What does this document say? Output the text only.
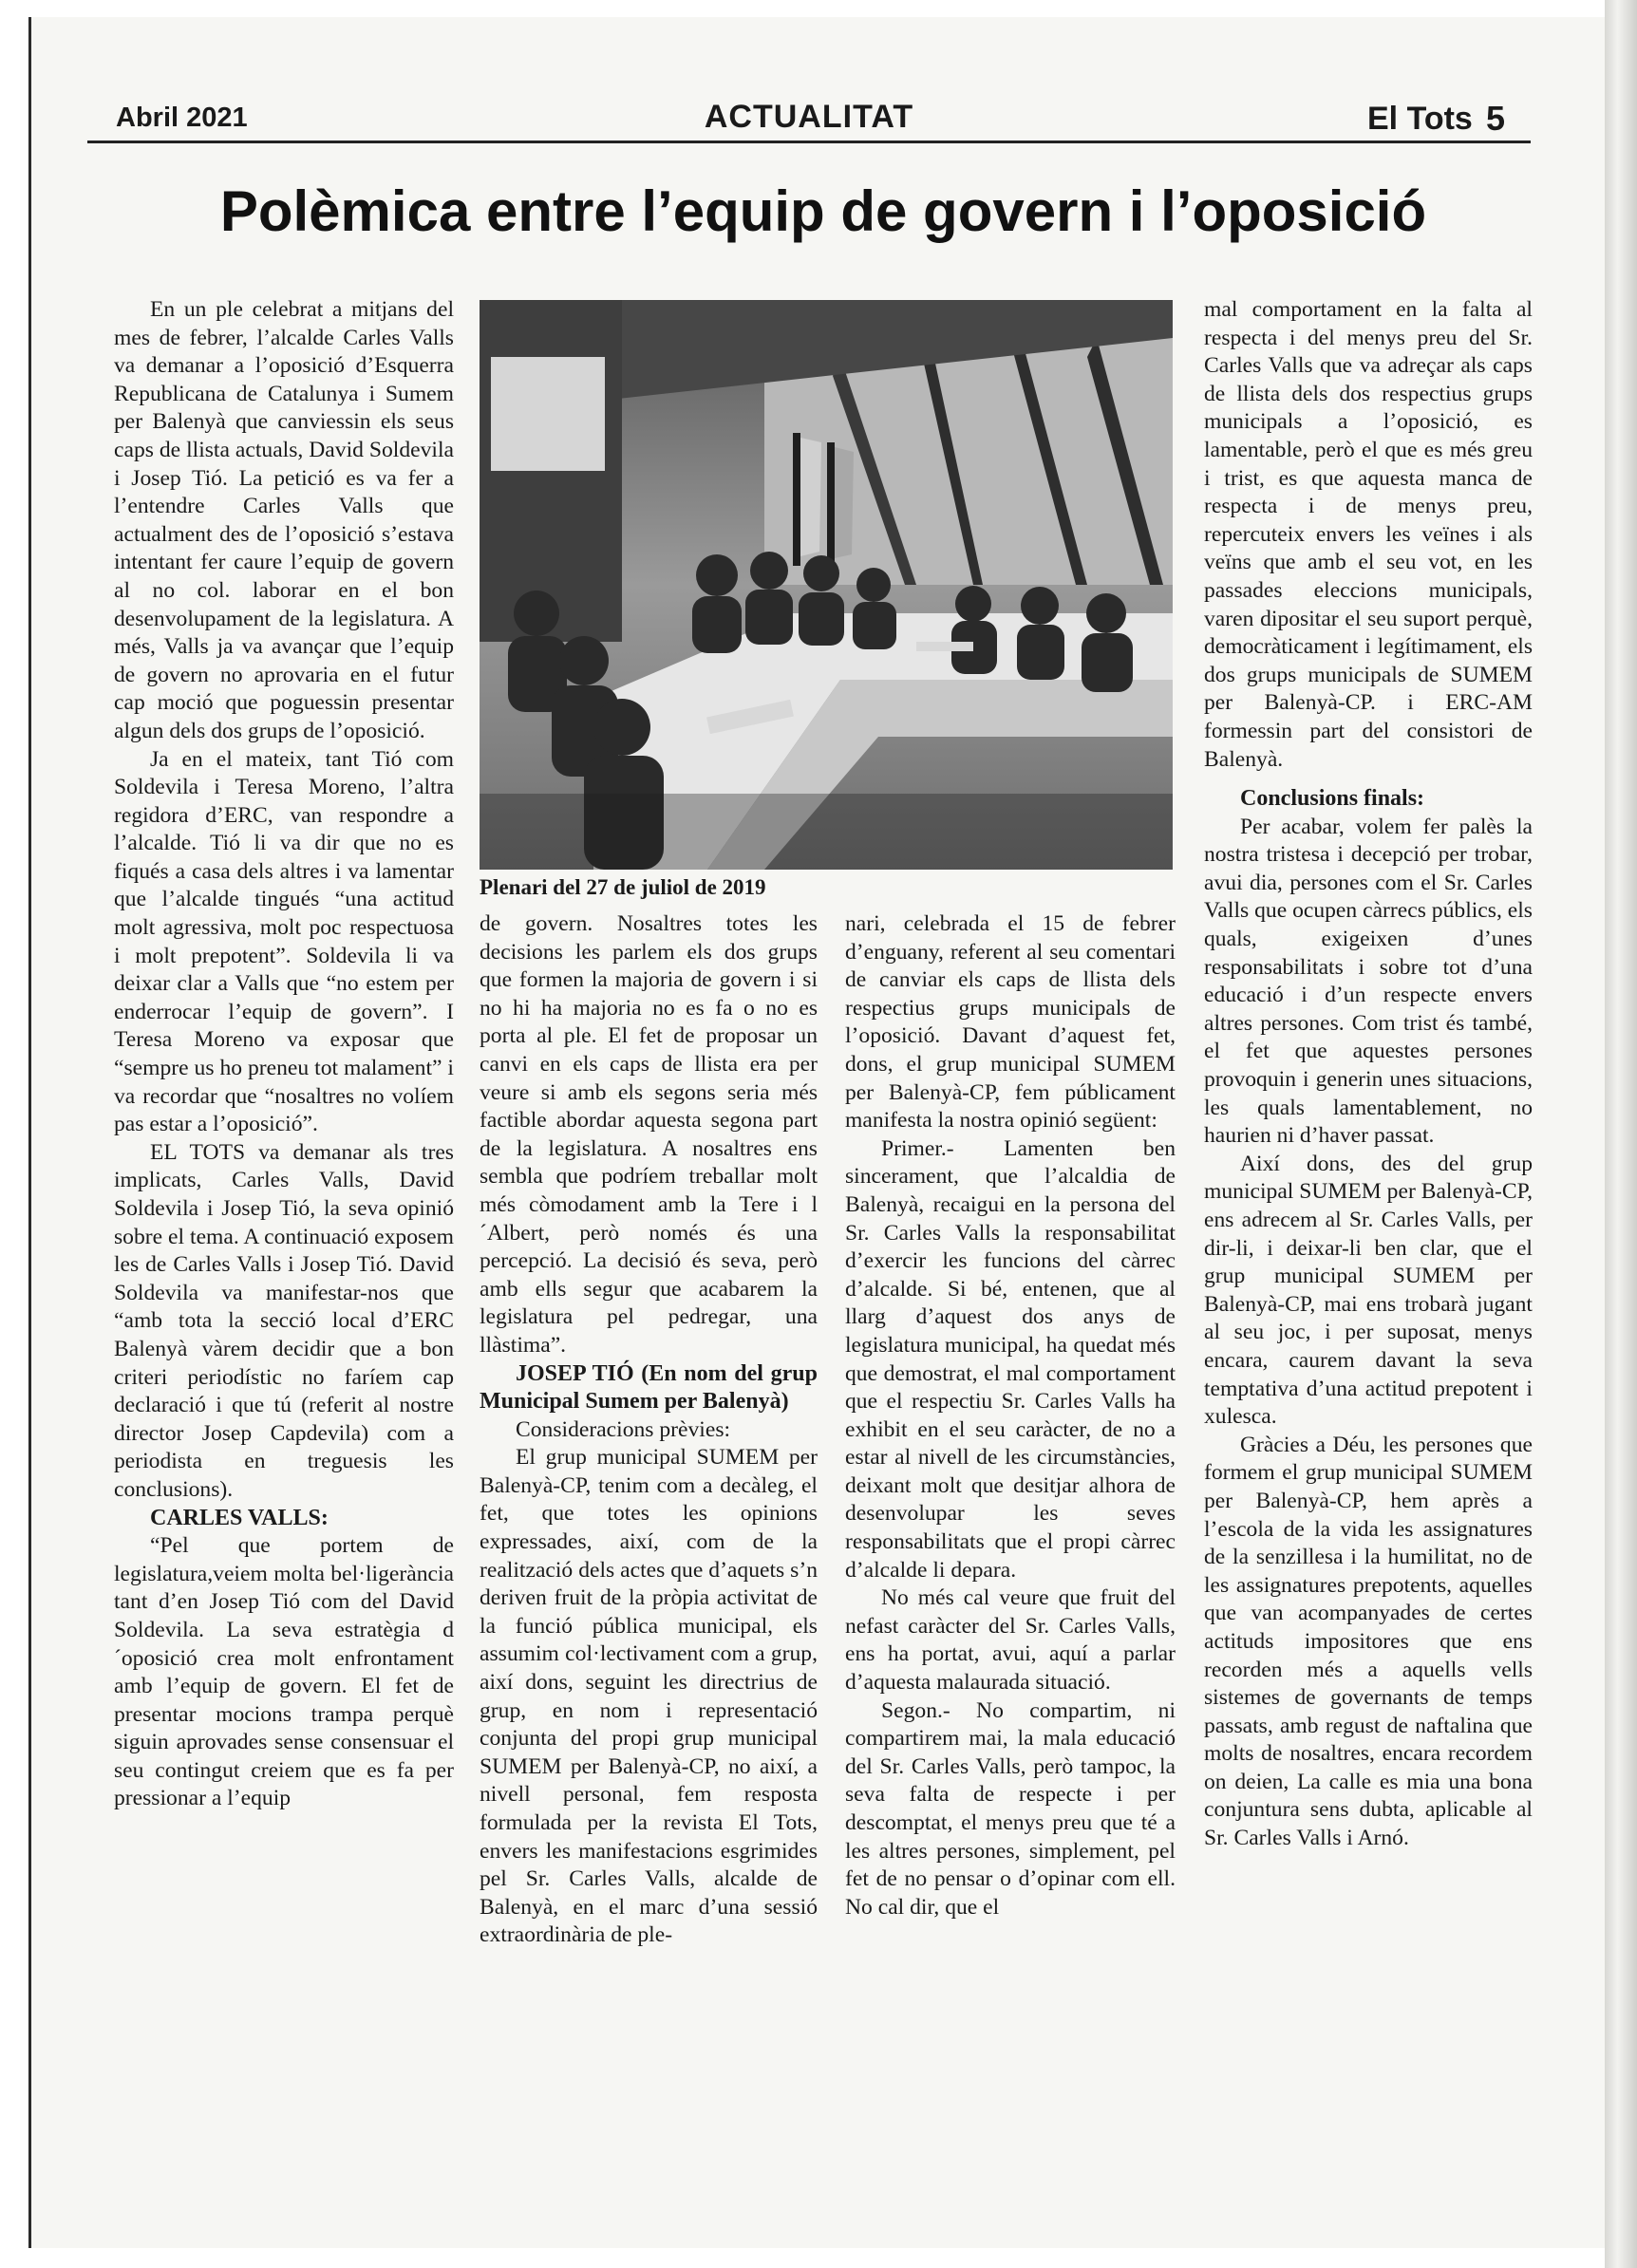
Abril 2021	ACTUALITAT	El Tots 5
Polèmica entre l’equip de govern i l’oposició

En un ple celebrat a mitjans del mes de febrer, l’alcalde Carles Valls va demanar a l’oposició d’Esquerra Republicana de Catalunya i Sumem per Balenyà que canviessin els seus caps de llista actuals, David Soldevila i Josep Tió. La petició es va fer a l’entendre Carles Valls que actualment des de l’oposició s’estava intentant fer caure l’equip de govern al no col. laborar en el bon desenvolupament de la legislatura. A més, Valls ja va avançar que l’equip de govern no aprovaria en el futur cap moció que poguessin presentar algun dels dos grups de l’oposició.

Ja en el mateix, tant Tió com Soldevila i Teresa Moreno, l’altra regidora d’ERC, van respondre a l’alcalde. Tió li va dir que no es fiqués a casa dels altres i va lamentar que l’alcalde tingués “una actitud molt agressiva, molt poc respectuosa i molt prepotent”. Soldevila li va deixar clar a Valls que “no estem per enderrocar l’equip de govern”. I Teresa Moreno va exposar que “sempre us ho preneu tot malament” i va recordar que “nosaltres no volíem pas estar a l’oposició”.

EL TOTS va demanar als tres implicats, Carles Valls, David Soldevila i Josep Tió, la seva opinió sobre el tema. A continuació exposem les de Carles Valls i Josep Tió. David Soldevila va manifestar-nos que “amb tota la secció local d’ERC Balenyà vàrem decidir que a bon criteri periodístic no faríem cap declaració i que tú (referit al nostre director Josep Capdevila) com a periodista en treguesis les conclusions).

CARLES VALLS:

“Pel que portem de legislatura,veiem molta bel·ligerància tant d’en Josep Tió com del David Soldevila. La seva estratègia d´oposició crea molt enfrontament amb l’equip de govern. El fet de presentar mocions trampa perquè siguin aprovades sense consensuar el seu contingut creiem que es fa per pressionar a l’equip

Plenari del 27 de juliol de 2019

de govern. Nosaltres totes les decisions les parlem els dos grups que formen la majoria de govern i si no hi ha majoria no es fa o no es porta al ple. El fet de proposar un canvi en els caps de llista era per veure si amb els segons seria més factible abordar aquesta segona part de la legislatura. A nosaltres ens sembla que podríem treballar molt més còmodament amb la Tere i l´Albert, però només és una percepció. La decisió és seva, però amb ells segur que acabarem la legislatura pel pedregar, una llàstima”.

JOSEP TIÓ (En nom del grup Municipal Sumem per Balenyà)

Consideracions prèvies:

El grup municipal SUMEM per Balenyà-CP, tenim com a decàleg, el fet, que totes les opinions expressades, així, com de la realització dels actes que d’aquets s’n deriven fruit de la pròpia activitat de la funció pública municipal, els assumim col·lectivament com a grup, així dons, seguint les directrius de grup, en nom i representació conjunta del propi grup municipal SUMEM per Balenyà-CP, no així, a nivell personal, fem resposta formulada per la revista El Tots, envers les manifestacions esgrimides pel Sr. Carles Valls, alcalde de Balenyà, en el marc d’una sessió extraordinària de ple-

nari, celebrada el 15 de febrer d’enguany, referent al seu comentari de canviar els caps de llista dels respectius grups municipals de l’oposició. Davant d’aquest fet, dons, el grup municipal SUMEM per Balenyà-CP, fem públicament manifesta la nostra opinió següent:

Primer.- Lamenten ben sincerament, que l’alcaldia de Balenyà, recaigui en la persona del Sr. Carles Valls la responsabilitat d’exercir les funcions del càrrec d’alcalde. Si bé, entenen, que al llarg d’aquest dos anys de legislatura municipal, ha quedat més que demostrat, el mal comportament que el respectiu Sr. Carles Valls ha exhibit en el seu caràcter, de no a estar al nivell de les circumstàncies, deixant molt que desitjar alhora de desenvolupar les seves responsabilitats que el propi càrrec d’alcalde li depara.

No més cal veure que fruit del nefast caràcter del Sr. Carles Valls, ens ha portat, avui, aquí a parlar d’aquesta malaurada situació.

Segon.- No compartim, ni compartirem mai, la mala educació del Sr. Carles Valls, però tampoc, la seva falta de respecte i per descomptat, el menys preu que té a les altres persones, simplement, pel fet de no pensar o d’opinar com ell. No cal dir, que el

mal comportament en la falta al respecta i del menys preu del Sr. Carles Valls que va adreçar als caps de llista dels dos respectius grups municipals a l’oposició, es lamentable, però el que es més greu i trist, es que aquesta manca de respecta i de menys preu, repercuteix envers les veïnes i als veïns que amb el seu vot, en les passades eleccions municipals, varen dipositar el seu suport perquè, democràticament i legítimament, els dos grups municipals de SUMEM per Balenyà-CP. i ERC-AM formessin part del consistori de Balenyà.

Conclusions finals:

Per acabar, volem fer palès la nostra tristesa i decepció per trobar, avui dia, persones com el Sr. Carles Valls que ocupen càrrecs públics, els quals, exigeixen d’unes responsabilitats i sobre tot d’una educació i d’un respecte envers altres persones. Com trist és també, el fet que aquestes persones provoquin i generin unes situacions, les quals lamentablement, no haurien ni d’haver passat.

Així dons, des del grup municipal SUMEM per Balenyà-CP, ens adrecem al Sr. Carles Valls, per dir-li, i deixar-li ben clar, que el grup municipal SUMEM per Balenyà-CP, mai ens trobarà jugant al seu joc, i per suposat, menys encara, caurem davant la seva temptativa d’una actitud prepotent i xulesca.

Gràcies a Déu, les persones que formem el grup municipal SUMEM per Balenyà-CP, hem après a l’escola de la vida les assignatures de la senzillesa i la humilitat, no de les assignatures prepotents, aquelles que van acompanyades de certes actituds impositores que ens recorden més a aquells vells sistemes de governants de temps passats, amb regust de naftalina que molts de nosaltres, encara recordem on deien, La calle es mia una bona conjuntura sens dubta, aplicable al Sr. Carles Valls i Arnó.
